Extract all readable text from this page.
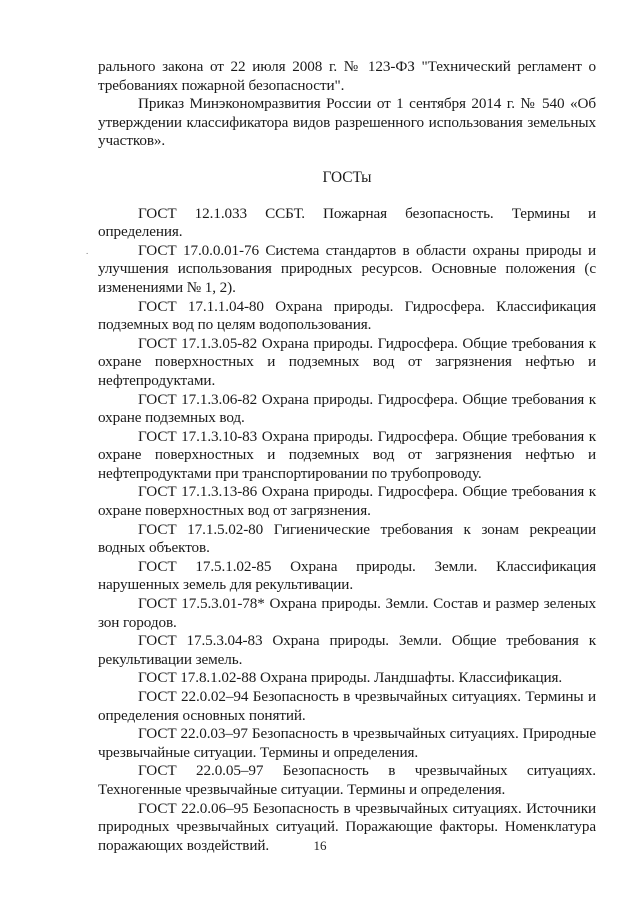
рального закона от 22 июля 2008 г. № 123-ФЗ "Технический регламент о требованиях пожарной безопасности".

Приказ Минэкономразвития России от 1 сентября 2014 г. № 540 «Об утверждении классификатора видов разрешенного использования земельных участков».

ГОСТы

ГОСТ 12.1.033 ССБТ. Пожарная безопасность. Термины и определения.

ГОСТ 17.0.0.01-76 Система стандартов в области охраны природы и улучшения использования природных ресурсов. Основные положения (с изменениями № 1, 2).

ГОСТ 17.1.1.04-80 Охрана природы. Гидросфера. Классификация подземных вод по целям водопользования.

ГОСТ 17.1.3.05-82 Охрана природы. Гидросфера. Общие требования к охране поверхностных и подземных вод от загрязнения нефтью и нефтепродуктами.

ГОСТ 17.1.3.06-82 Охрана природы. Гидросфера. Общие требования к охране подземных вод.

ГОСТ 17.1.3.10-83 Охрана природы. Гидросфера. Общие требования к охране поверхностных и подземных вод от загрязнения нефтью и нефтепродуктами при транспортировании по трубопроводу.

ГОСТ 17.1.3.13-86 Охрана природы. Гидросфера. Общие требования к охране поверхностных вод от загрязнения.

ГОСТ 17.1.5.02-80 Гигиенические требования к зонам рекреации водных объектов.

ГОСТ 17.5.1.02-85 Охрана природы. Земли. Классификация нарушенных земель для рекультивации.

ГОСТ 17.5.3.01-78* Охрана природы. Земли. Состав и размер зеленых зон городов.

ГОСТ 17.5.3.04-83 Охрана природы. Земли. Общие требования к рекультивации земель.

ГОСТ 17.8.1.02-88 Охрана природы. Ландшафты. Классификация.

ГОСТ 22.0.02–94 Безопасность в чрезвычайных ситуациях. Термины и определения основных понятий.

ГОСТ 22.0.03–97 Безопасность в чрезвычайных ситуациях. Природные чрезвычайные ситуации. Термины и определения.

ГОСТ 22.0.05–97 Безопасность в чрезвычайных ситуациях. Техногенные чрезвычайные ситуации. Термины и определения.

ГОСТ 22.0.06–95 Безопасность в чрезвычайных ситуациях. Источники природных чрезвычайных ситуаций. Поражающие факторы. Номенклатура поражающих воздействий.

.
16
